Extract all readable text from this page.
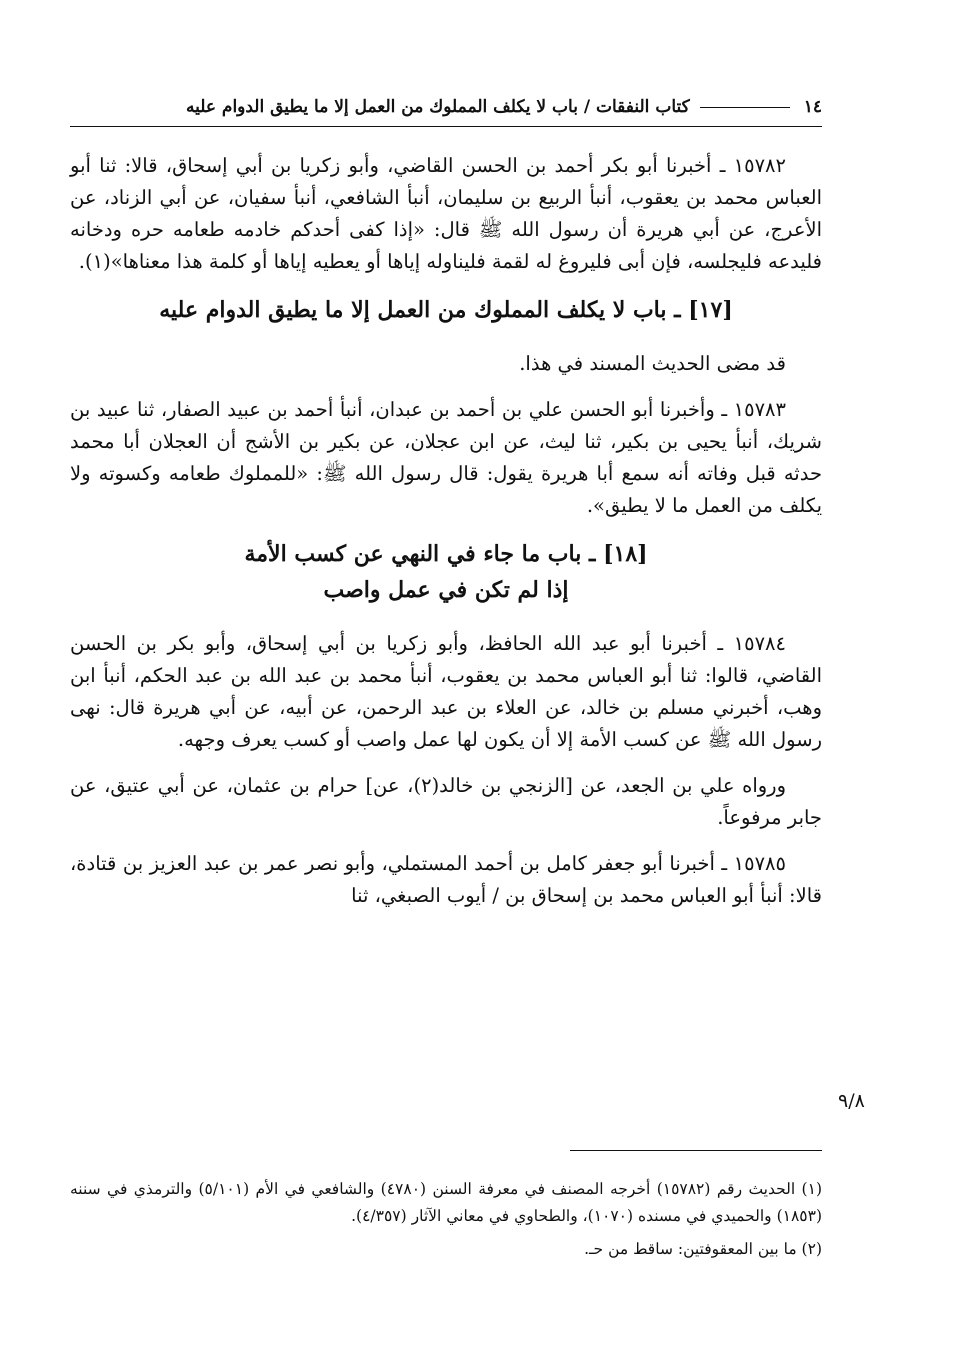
١٤
كتاب النفقات / باب لا يكلف المملوك من العمل إلا ما يطيق الدوام عليه

١٥٧٨٢ ـ أخبرنا أبو بكر أحمد بن الحسن القاضي، وأبو زكريا بن أبي إسحاق، قالا: ثنا أبو العباس محمد بن يعقوب، أنبأ الربيع بن سليمان، أنبأ الشافعي، أنبأ سفيان، عن أبي الزناد، عن الأعرج، عن أبي هريرة أن رسول الله ﷺ قال: «إذا كفى أحدكم خادمه طعامه حره ودخانه فليدعه فليجلسه، فإن أبى فليروغ له لقمة فليناوله إياها أو يعطيه إياها أو كلمة هذا معناها»(١).

[١٧] ـ باب لا يكلف المملوك من العمل إلا ما يطيق الدوام عليه

قد مضى الحديث المسند في هذا.

١٥٧٨٣ ـ وأخبرنا أبو الحسن علي بن أحمد بن عبدان، أنبأ أحمد بن عبيد الصفار، ثنا عبيد بن شريك، أنبأ يحيى بن بكير، ثنا ليث، عن ابن عجلان، عن بكير بن الأشج أن العجلان أبا محمد حدثه قبل وفاته أنه سمع أبا هريرة يقول: قال رسول الله ﷺ: «للمملوك طعامه وكسوته ولا يكلف من العمل ما لا يطيق».

[١٨] ـ باب ما جاء في النهي عن كسب الأمة
إذا لم تكن في عمل واصب

١٥٧٨٤ ـ أخبرنا أبو عبد الله الحافظ، وأبو زكريا بن أبي إسحاق، وأبو بكر بن الحسن القاضي، قالوا: ثنا أبو العباس محمد بن يعقوب، أنبأ محمد بن عبد الله بن عبد الحكم، أنبأ ابن وهب، أخبرني مسلم بن خالد، عن العلاء بن عبد الرحمن، عن أبيه، عن أبي هريرة قال: نهى رسول الله ﷺ عن كسب الأمة إلا أن يكون لها عمل واصب أو كسب يعرف وجهه.

ورواه علي بن الجعد، عن [الزنجي بن خالد(٢)، عن] حرام بن عثمان، عن أبي عتيق، عن جابر مرفوعاً.

١٥٧٨٥ ـ أخبرنا أبو جعفر كامل بن أحمد المستملي، وأبو نصر عمر بن عبد العزيز بن قتادة، قالا: أنبأ أبو العباس محمد بن إسحاق بن / أيوب الصبغي، ثنا

٩/٨

(١) الحديث رقم (١٥٧٨٢) أخرجه المصنف في معرفة السنن (٤٧٨٠) والشافعي في الأم (٥/١٠١) والترمذي في سننه (١٨٥٣) والحميدي في مسنده (١٠٧٠)، والطحاوي في معاني الآثار (٤/٣٥٧).

(٢) ما بين المعقوفتين: ساقط من حـ.
